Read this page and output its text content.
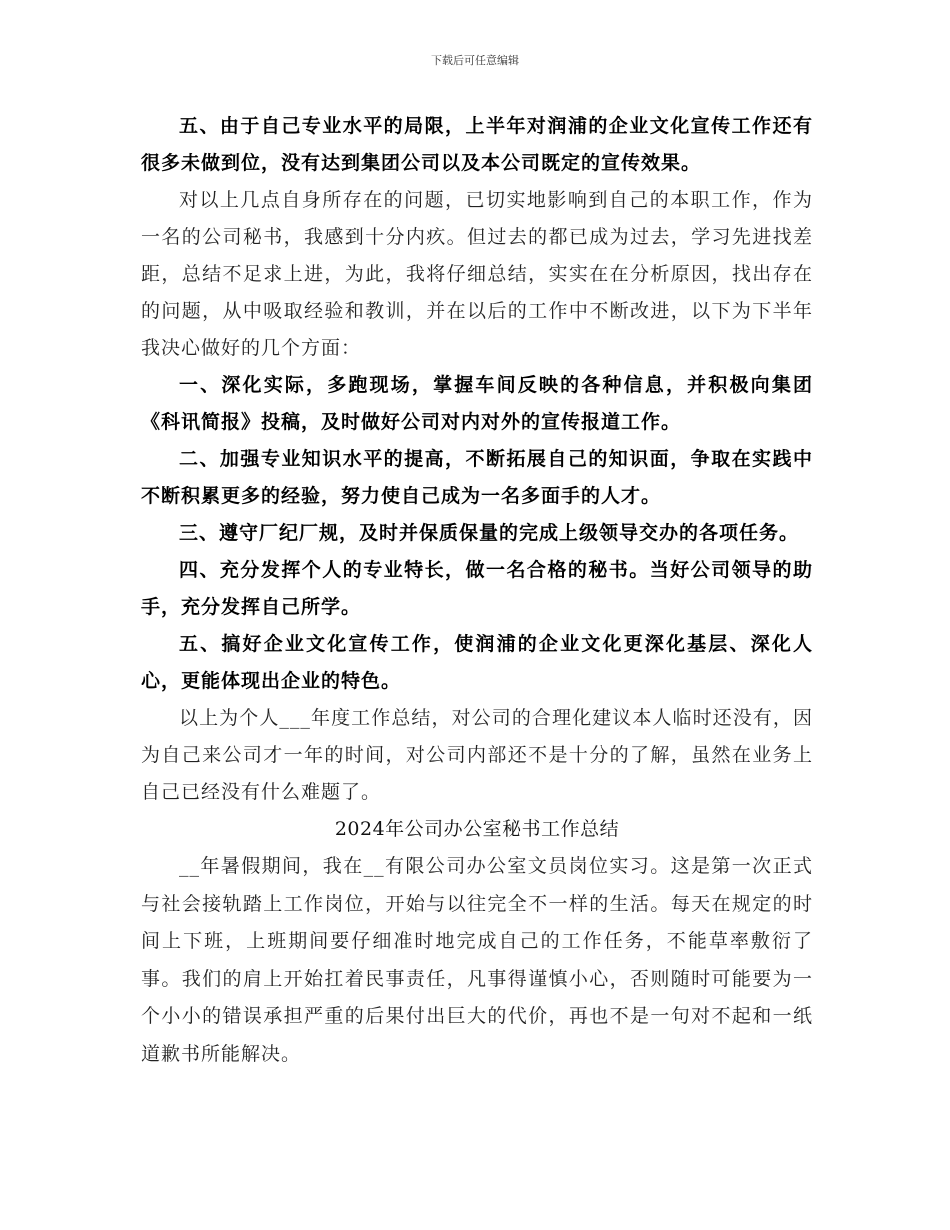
下载后可任意编辑

五、由于自己专业水平的局限，上半年对润浦的企业文化宣传工作还有很多未做到位，没有达到集团公司以及本公司既定的宣传效果。

对以上几点自身所存在的问题，已切实地影响到自己的本职工作，作为一名的公司秘书，我感到十分内疚。但过去的都已成为过去，学习先进找差距，总结不足求上进，为此，我将仔细总结，实实在在分析原因，找出存在的问题，从中吸取经验和教训，并在以后的工作中不断改进，以下为下半年我决心做好的几个方面：

一、深化实际，多跑现场，掌握车间反映的各种信息，并积极向集团《科讯简报》投稿，及时做好公司对内对外的宣传报道工作。

二、加强专业知识水平的提高，不断拓展自己的知识面，争取在实践中不断积累更多的经验，努力使自己成为一名多面手的人才。

三、遵守厂纪厂规，及时并保质保量的完成上级领导交办的各项任务。

四、充分发挥个人的专业特长，做一名合格的秘书。当好公司领导的助手，充分发挥自己所学。

五、搞好企业文化宣传工作，使润浦的企业文化更深化基层、深化人心，更能体现出企业的特色。

以上为个人___年度工作总结，对公司的合理化建议本人临时还没有，因为自己来公司才一年的时间，对公司内部还不是十分的了解，虽然在业务上自己已经没有什么难题了。

2024年公司办公室秘书工作总结

__年暑假期间，我在__有限公司办公室文员岗位实习。这是第一次正式与社会接轨踏上工作岗位，开始与以往完全不一样的生活。每天在规定的时间上下班，上班期间要仔细准时地完成自己的工作任务，不能草率敷衍了事。我们的肩上开始扛着民事责任，凡事得谨慎小心，否则随时可能要为一个小小的错误承担严重的后果付出巨大的代价，再也不是一句对不起和一纸道歉书所能解决。
